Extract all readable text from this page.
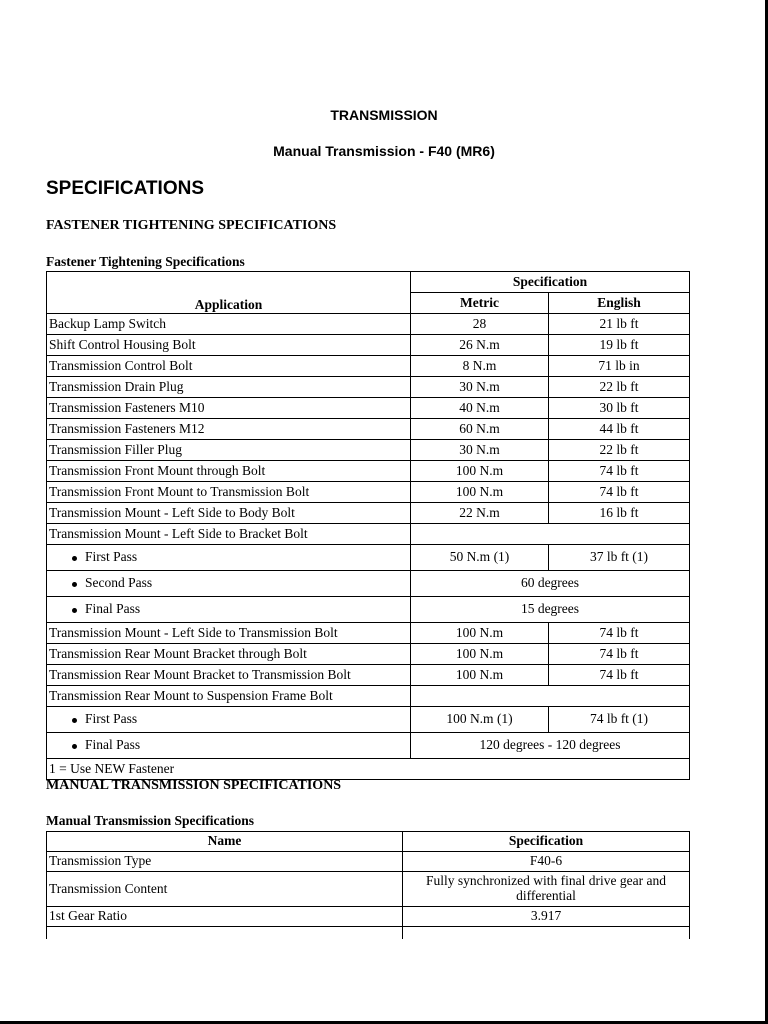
TRANSMISSION
Manual Transmission - F40 (MR6)
SPECIFICATIONS
FASTENER TIGHTENING SPECIFICATIONS
Fastener Tightening Specifications
Application	Specification	
	Metric	English
Backup Lamp Switch	28	21 lb ft
Shift Control Housing Bolt	26 N.m	19 lb ft
Transmission Control Bolt	8 N.m	71 lb in
Transmission Drain Plug	30 N.m	22 lb ft
Transmission Fasteners M10	40 N.m	30 lb ft
Transmission Fasteners M12	60 N.m	44 lb ft
Transmission Filler Plug	30 N.m	22 lb ft
Transmission Front Mount through Bolt	100 N.m	74 lb ft
Transmission Front Mount to Transmission Bolt	100 N.m	74 lb ft
Transmission Mount - Left Side to Body Bolt	22 N.m	16 lb ft
Transmission Mount - Left Side to Bracket Bolt		

First Pass	50 N.m (1)	37 lb ft (1)

Second Pass	60 degrees	

Final Pass	15 degrees	
Transmission Mount - Left Side to Transmission Bolt	100 N.m	74 lb ft
Transmission Rear Mount Bracket through Bolt	100 N.m	74 lb ft
Transmission Rear Mount Bracket to Transmission Bolt	100 N.m	74 lb ft
Transmission Rear Mount to Suspension Frame Bolt		

First Pass	100 N.m (1)	74 lb ft (1)

Final Pass	120 degrees - 120 degrees	
1 = Use NEW Fastener		
MANUAL TRANSMISSION SPECIFICATIONS
Manual Transmission Specifications
Name	Specification
Transmission Type	F40-6
Transmission Content	Fully synchronized with final drive gear and differential
1st Gear Ratio	3.917
